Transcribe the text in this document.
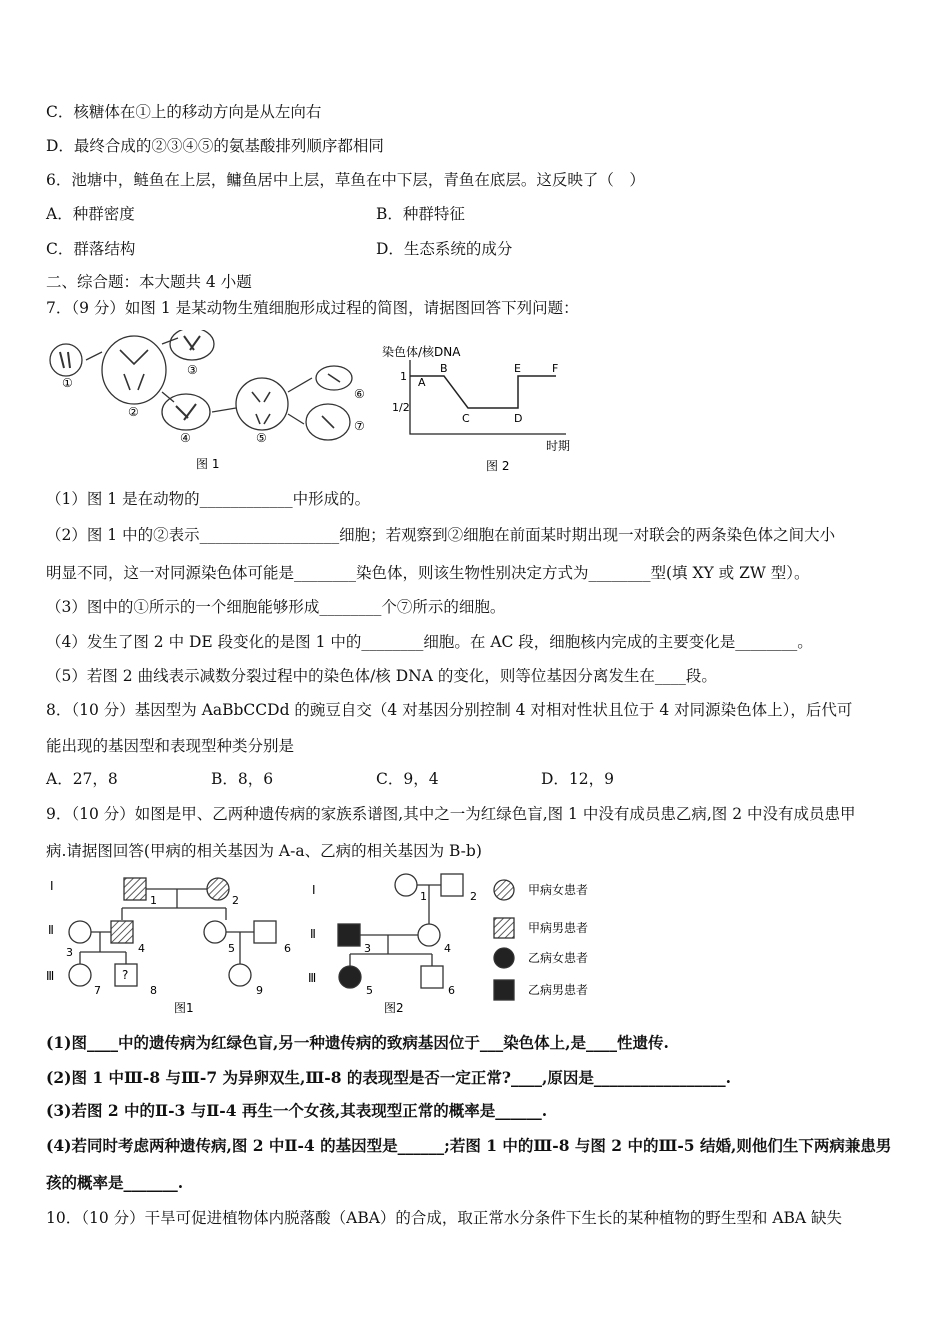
C．核糖体在①上的移动方向是从左向右
D．最终合成的②③④⑤的氨基酸排列顺序都相同
6．池塘中，鲢鱼在上层，鳙鱼居中上层，草鱼在中下层，青鱼在底层。这反映了（　）
A．种群密度	B．种群特征
C．群落结构	D．生态系统的成分
二、综合题：本大题共 4 小题
7．（9 分）如图 1 是某动物生殖细胞形成过程的简图，请据图回答下列问题：
①
②
③
④	⑤
⑥
⑦
图 1
染色体/核DNA
1
1/2
A
B
C	D
E	F
时期
图 2
（1）图 1 是在动物的____________中形成的。
（2）图 1 中的②表示__________________细胞；若观察到②细胞在前面某时期出现一对联会的两条染色体之间大小
明显不同，这一对同源染色体可能是________染色体，则该生物性别决定方式为________型(填 XY 或 ZW 型）。
（3）图中的①所示的一个细胞能够形成________个⑦所示的细胞。
（4）发生了图 2 中 DE 段变化的是图 1 中的________细胞。在 AC 段，细胞核内完成的主要变化是________。
（5）若图 2 曲线表示减数分裂过程中的染色体/核 DNA 的变化，则等位基因分离发生在____段。
8．（10 分）基因型为 AaBbCCDd 的豌豆自交（4 对基因分别控制 4 对相对性状且位于 4 对同源染色体上），后代可
能出现的基因型和表现型种类分别是
A．27，8	B．8，6	C．9，4	D．12，9
9．（10 分）如图是甲、乙两种遗传病的家族系谱图,其中之一为红绿色盲,图 1 中没有成员患乙病,图 2 中没有成员患甲
病.请据图回答(甲病的相关基因为 A-a、乙病的相关基因为 B-b)
Ⅰ
Ⅱ
Ⅲ	?
1	2
3	4	5	6
7	8	9
图1
Ⅰ
Ⅱ
Ⅲ
1	2
3	4
5	6
图2
甲病女患者
甲病男患者
乙病女患者
乙病男患者
(1)图____中的遗传病为红绿色盲,另一种遗传病的致病基因位于___染色体上,是____性遗传.
(2)图 1 中Ⅲ-8 与Ⅲ-7 为异卵双生,Ⅲ-8 的表现型是否一定正常?____,原因是_________________.
(3)若图 2 中的Ⅱ-3 与Ⅱ-4 再生一个女孩,其表现型正常的概率是______.
(4)若同时考虑两种遗传病,图 2 中Ⅱ-4 的基因型是______;若图 1 中的Ⅲ-8 与图 2 中的Ⅲ-5 结婚,则他们生下两病兼患男
孩的概率是_______.
10．（10 分）干旱可促进植物体内脱落酸（ABA）的合成，取正常水分条件下生长的某种植物的野生型和 ABA 缺失
